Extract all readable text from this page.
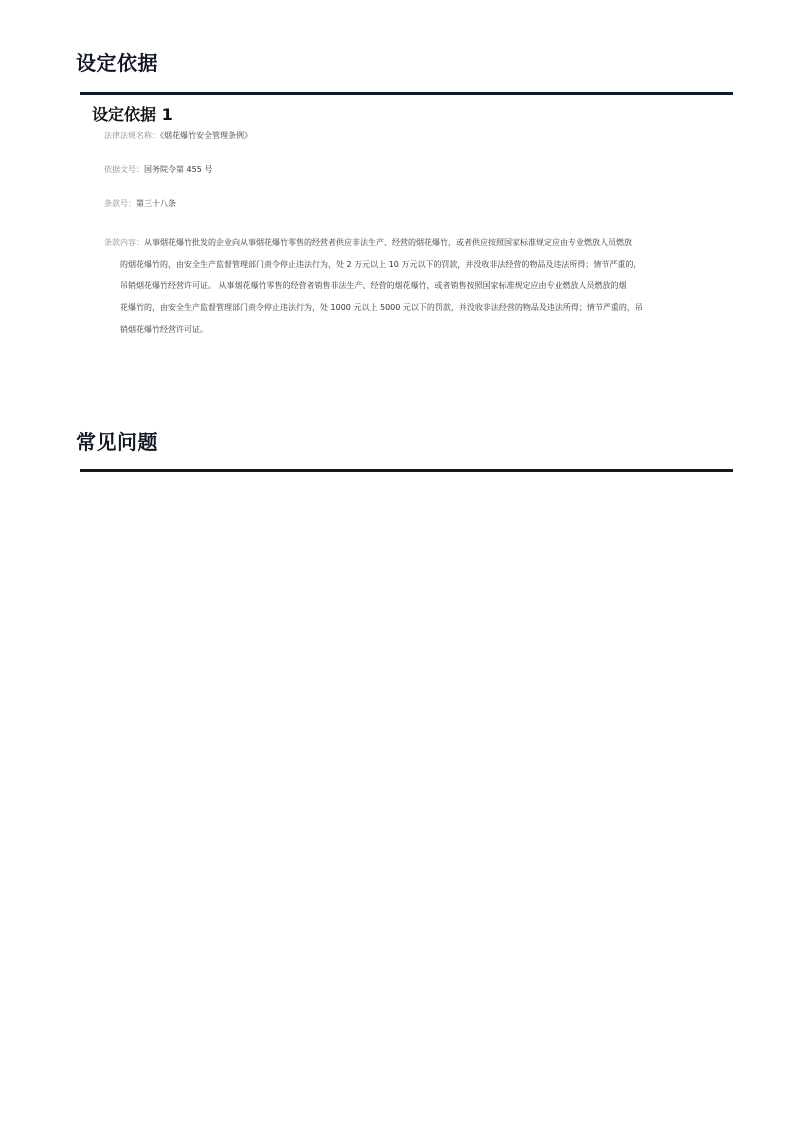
设定依据
设定依据 1
法律法规名称：《烟花爆竹安全管理条例》
依据文号：国务院令第 455 号
条款号：第三十八条
条款内容：从事烟花爆竹批发的企业向从事烟花爆竹零售的经营者供应非法生产、经营的烟花爆竹，或者供应按照国家标准规定应由专业燃放人员燃放
的烟花爆竹的，由安全生产监督管理部门责令停止违法行为，处 2 万元以上 10 万元以下的罚款，并没收非法经营的物品及违法所得；情节严重的，
吊销烟花爆竹经营许可证。 从事烟花爆竹零售的经营者销售非法生产、经营的烟花爆竹，或者销售按照国家标准规定应由专业燃放人员燃放的烟
花爆竹的，由安全生产监督管理部门责令停止违法行为，处 1000 元以上 5000 元以下的罚款，并没收非法经营的物品及违法所得；情节严重的，吊
销烟花爆竹经营许可证。
常见问题
